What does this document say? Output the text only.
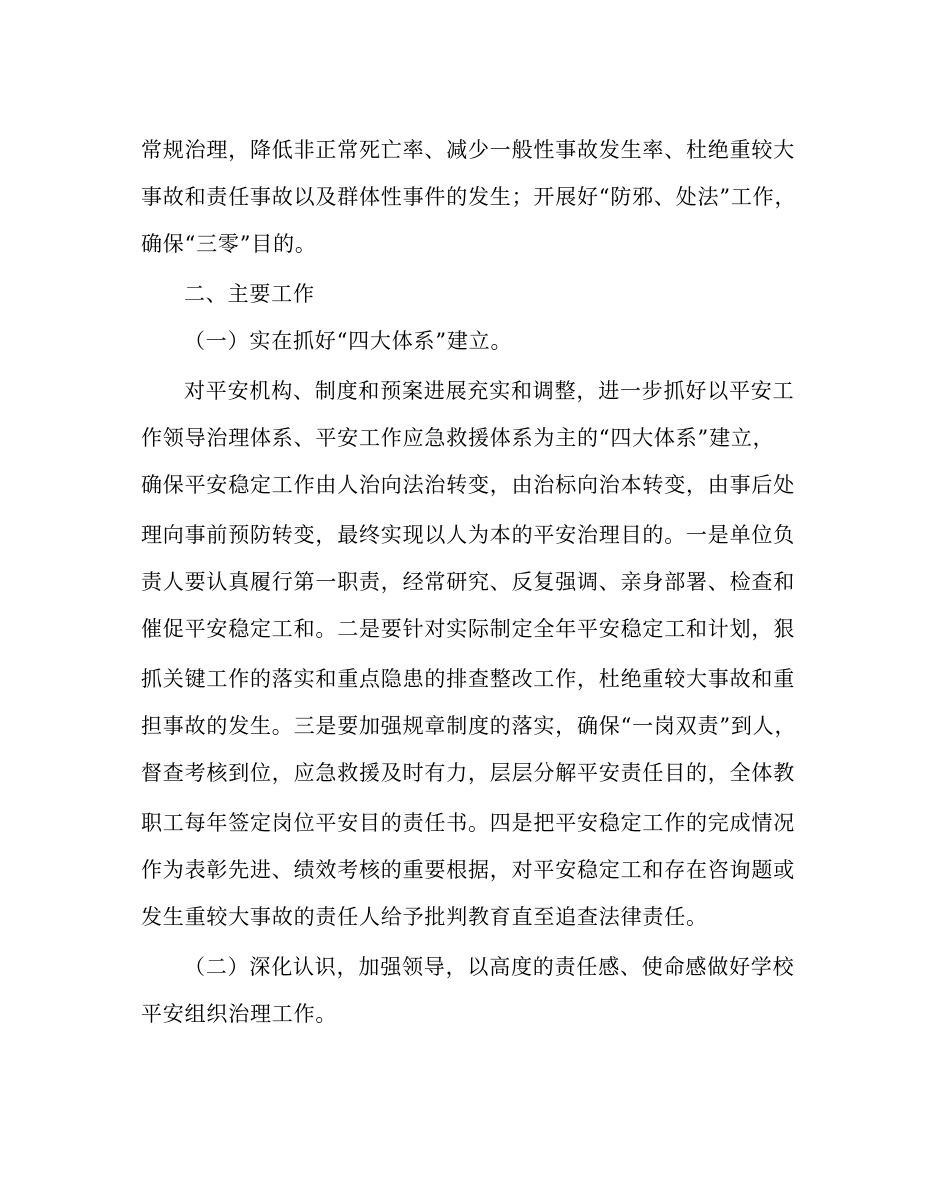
常规治理，降低非正常死亡率、减少一般性事故发生率、杜绝重较大
事故和责任事故以及群体性事件的发生；开展好“防邪、处法”工作，
确保“三零”目的。
二、主要工作
（一）实在抓好“四大体系”建立。
对平安机构、制度和预案进展充实和调整，进一步抓好以平安工
作领导治理体系、平安工作应急救援体系为主的“四大体系”建立，
确保平安稳定工作由人治向法治转变，由治标向治本转变，由事后处
理向事前预防转变，最终实现以人为本的平安治理目的。一是单位负
责人要认真履行第一职责，经常研究、反复强调、亲身部署、检查和
催促平安稳定工和。二是要针对实际制定全年平安稳定工和计划，狠
抓关键工作的落实和重点隐患的排查整改工作，杜绝重较大事故和重
担事故的发生。三是要加强规章制度的落实，确保“一岗双责”到人，
督查考核到位，应急救援及时有力，层层分解平安责任目的，全体教
职工每年签定岗位平安目的责任书。四是把平安稳定工作的完成情况
作为表彰先进、绩效考核的重要根据，对平安稳定工和存在咨询题或
发生重较大事故的责任人给予批判教育直至追查法律责任。
（二）深化认识，加强领导，以高度的责任感、使命感做好学校
平安组织治理工作。
